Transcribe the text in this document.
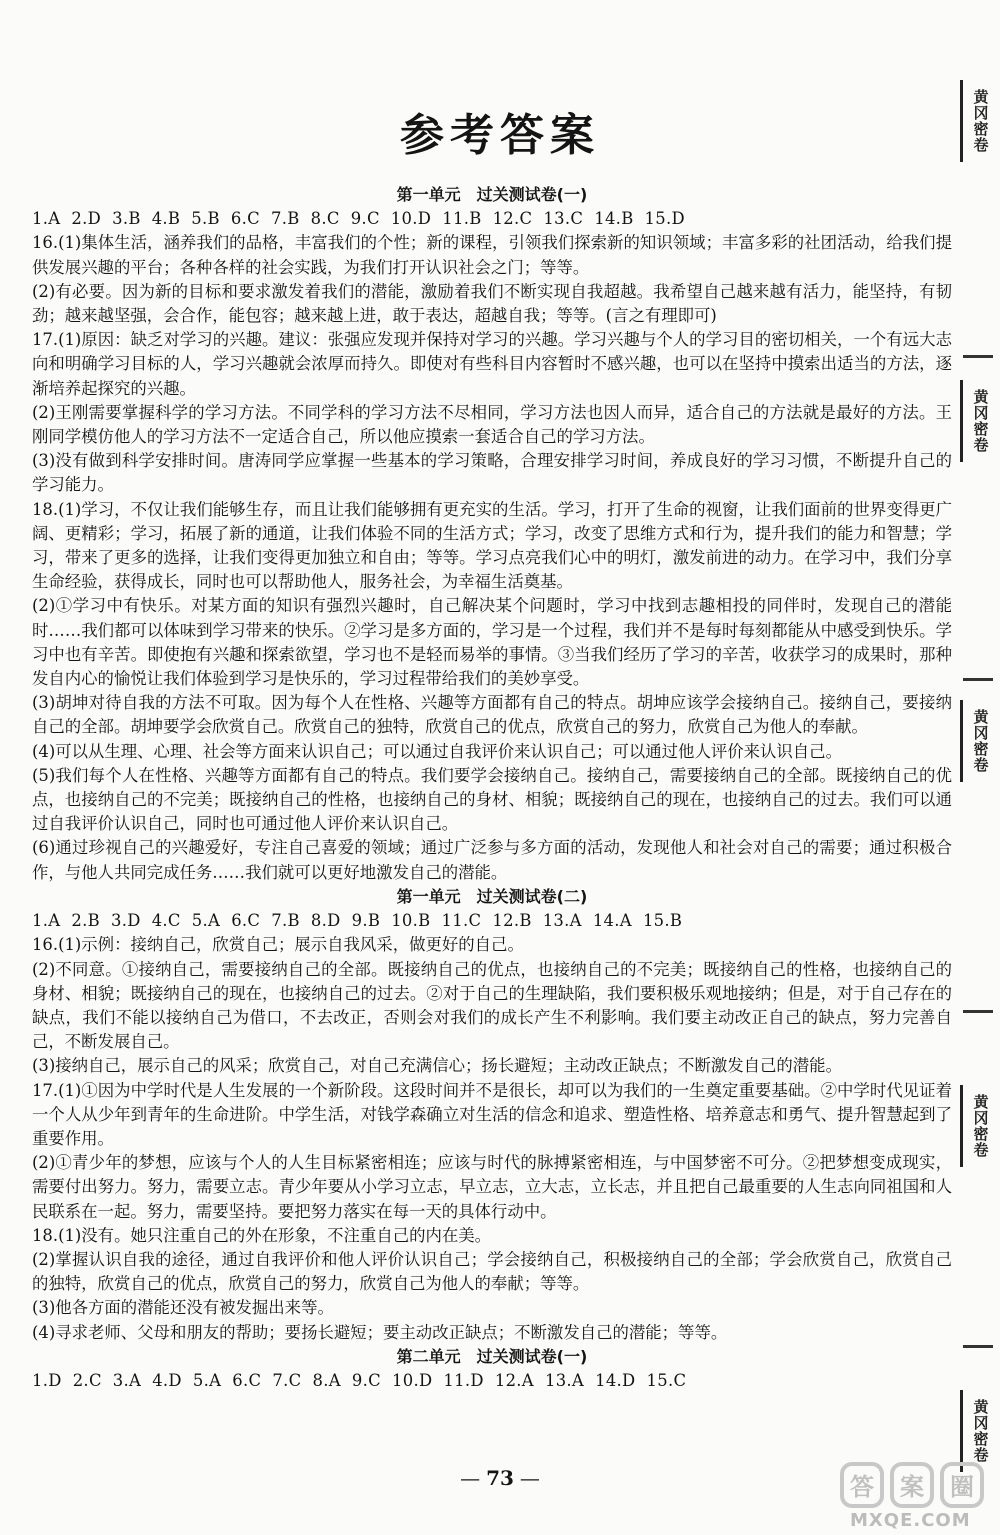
参考答案

第一单元　过关测试卷(一)

1.A  2.D  3.B  4.B  5.B  6.C  7.B  8.C  9.C  10.D  11.B  12.C  13.C  14.B  15.D

16.(1)集体生活，涵养我们的品格，丰富我们的个性；新的课程，引领我们探索新的知识领域；丰富多彩的社团活动，给我们提供发展兴趣的平台；各种各样的社会实践，为我们打开认识社会之门；等等。

(2)有必要。因为新的目标和要求激发着我们的潜能，激励着我们不断实现自我超越。我希望自己越来越有活力，能坚持，有韧劲；越来越坚强，会合作，能包容；越来越上进，敢于表达，超越自我；等等。(言之有理即可)

17.(1)原因：缺乏对学习的兴趣。建议：张强应发现并保持对学习的兴趣。学习兴趣与个人的学习目的密切相关，一个有远大志向和明确学习目标的人，学习兴趣就会浓厚而持久。即使对有些科目内容暂时不感兴趣，也可以在坚持中摸索出适当的方法，逐渐培养起探究的兴趣。

(2)王刚需要掌握科学的学习方法。不同学科的学习方法不尽相同，学习方法也因人而异，适合自己的方法就是最好的方法。王刚同学模仿他人的学习方法不一定适合自己，所以他应摸索一套适合自己的学习方法。

(3)没有做到科学安排时间。唐涛同学应掌握一些基本的学习策略，合理安排学习时间，养成良好的学习习惯，不断提升自己的学习能力。

18.(1)学习，不仅让我们能够生存，而且让我们能够拥有更充实的生活。学习，打开了生命的视窗，让我们面前的世界变得更广阔、更精彩；学习，拓展了新的通道，让我们体验不同的生活方式；学习，改变了思维方式和行为，提升我们的能力和智慧；学习，带来了更多的选择，让我们变得更加独立和自由；等等。学习点亮我们心中的明灯，激发前进的动力。在学习中，我们分享生命经验，获得成长，同时也可以帮助他人，服务社会，为幸福生活奠基。

(2)①学习中有快乐。对某方面的知识有强烈兴趣时，自己解决某个问题时，学习中找到志趣相投的同伴时，发现自己的潜能时……我们都可以体味到学习带来的快乐。②学习是多方面的，学习是一个过程，我们并不是每时每刻都能从中感受到快乐。学习中也有辛苦。即使抱有兴趣和探索欲望，学习也不是轻而易举的事情。③当我们经历了学习的辛苦，收获学习的成果时，那种发自内心的愉悦让我们体验到学习是快乐的，学习过程带给我们的美妙享受。

(3)胡坤对待自我的方法不可取。因为每个人在性格、兴趣等方面都有自己的特点。胡坤应该学会接纳自己。接纳自己，要接纳自己的全部。胡坤要学会欣赏自己。欣赏自己的独特，欣赏自己的优点，欣赏自己的努力，欣赏自己为他人的奉献。

(4)可以从生理、心理、社会等方面来认识自己；可以通过自我评价来认识自己；可以通过他人评价来认识自己。

(5)我们每个人在性格、兴趣等方面都有自己的特点。我们要学会接纳自己。接纳自己，需要接纳自己的全部。既接纳自己的优点，也接纳自己的不完美；既接纳自己的性格，也接纳自己的身材、相貌；既接纳自己的现在，也接纳自己的过去。我们可以通过自我评价认识自己，同时也可通过他人评价来认识自己。

(6)通过珍视自己的兴趣爱好，专注自己喜爱的领域；通过广泛参与多方面的活动，发现他人和社会对自己的需要；通过积极合作，与他人共同完成任务……我们就可以更好地激发自己的潜能。

第一单元　过关测试卷(二)

1.A  2.B  3.D  4.C  5.A  6.C  7.B  8.D  9.B  10.B  11.C  12.B  13.A  14.A  15.B

16.(1)示例：接纳自己，欣赏自己；展示自我风采，做更好的自己。

(2)不同意。①接纳自己，需要接纳自己的全部。既接纳自己的优点，也接纳自己的不完美；既接纳自己的性格，也接纳自己的身材、相貌；既接纳自己的现在，也接纳自己的过去。②对于自己的生理缺陷，我们要积极乐观地接纳；但是，对于自己存在的缺点，我们不能以接纳自己为借口，不去改正，否则会对我们的成长产生不利影响。我们要主动改正自己的缺点，努力完善自己，不断发展自己。

(3)接纳自己，展示自己的风采；欣赏自己，对自己充满信心；扬长避短；主动改正缺点；不断激发自己的潜能。

17.(1)①因为中学时代是人生发展的一个新阶段。这段时间并不是很长，却可以为我们的一生奠定重要基础。②中学时代见证着一个人从少年到青年的生命进阶。中学生活，对钱学森确立对生活的信念和追求、塑造性格、培养意志和勇气、提升智慧起到了重要作用。

(2)①青少年的梦想，应该与个人的人生目标紧密相连；应该与时代的脉搏紧密相连，与中国梦密不可分。②把梦想变成现实，需要付出努力。努力，需要立志。青少年要从小学习立志，早立志，立大志，立长志，并且把自己最重要的人生志向同祖国和人民联系在一起。努力，需要坚持。要把努力落实在每一天的具体行动中。

18.(1)没有。她只注重自己的外在形象，不注重自己的内在美。

(2)掌握认识自我的途径，通过自我评价和他人评价认识自己；学会接纳自己，积极接纳自己的全部；学会欣赏自己，欣赏自己的独特，欣赏自己的优点，欣赏自己的努力，欣赏自己为他人的奉献；等等。

(3)他各方面的潜能还没有被发掘出来等。

(4)寻求老师、父母和朋友的帮助；要扬长避短；要主动改正缺点；不断激发自己的潜能；等等。

第二单元　过关测试卷(一)

1.D  2.C  3.A  4.D  5.A  6.C  7.C  8.A  9.C  10.D  11.D  12.A  13.A  14.D  15.C

— 73 —
黄冈密卷
黄冈密卷
黄冈密卷
黄冈密卷
黄冈密卷
答 案 圈
MXQE.COM
